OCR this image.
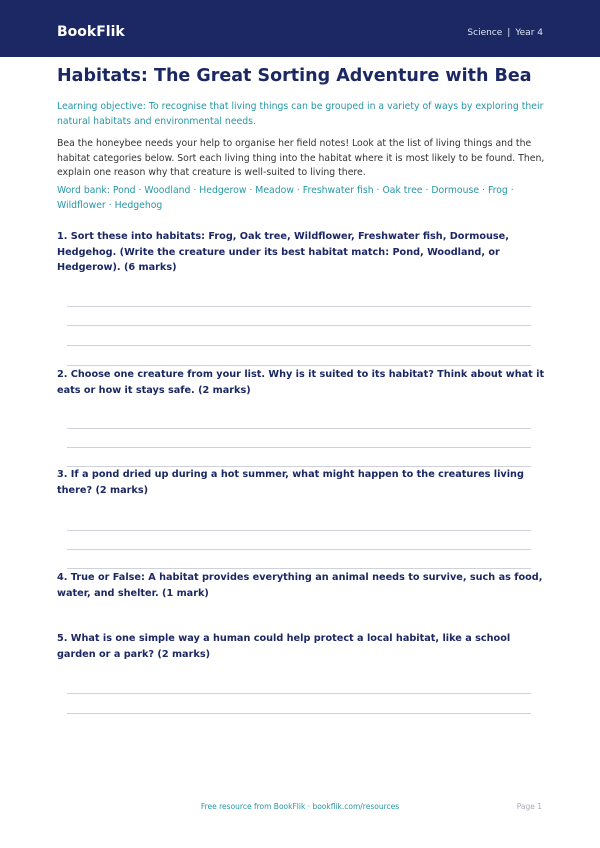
BookFlik	Science | Year 4
Habitats: The Great Sorting Adventure with Bea

Learning objective: To recognise that living things can be grouped in a variety of ways by exploring their natural habitats and environmental needs.

Bea the honeybee needs your help to organise her field notes! Look at the list of living things and the habitat categories below. Sort each living thing into the habitat where it is most likely to be found. Then, explain one reason why that creature is well-suited to living there.

Word bank: Pond · Woodland · Hedgerow · Meadow · Freshwater fish · Oak tree · Dormouse · Frog · Wildflower · Hedgehog

1. Sort these into habitats: Frog, Oak tree, Wildflower, Freshwater fish, Dormouse, Hedgehog. (Write the creature under its best habitat match: Pond, Woodland, or Hedgerow). (6 marks)

2. Choose one creature from your list. Why is it suited to its habitat? Think about what it eats or how it stays safe. (2 marks)

3. If a pond dried up during a hot summer, what might happen to the creatures living there? (2 marks)

4. True or False: A habitat provides everything an animal needs to survive, such as food, water, and shelter. (1 mark)

5. What is one simple way a human could help protect a local habitat, like a school garden or a park? (2 marks)

Free resource from BookFlik · bookflik.com/resources	Page 1
